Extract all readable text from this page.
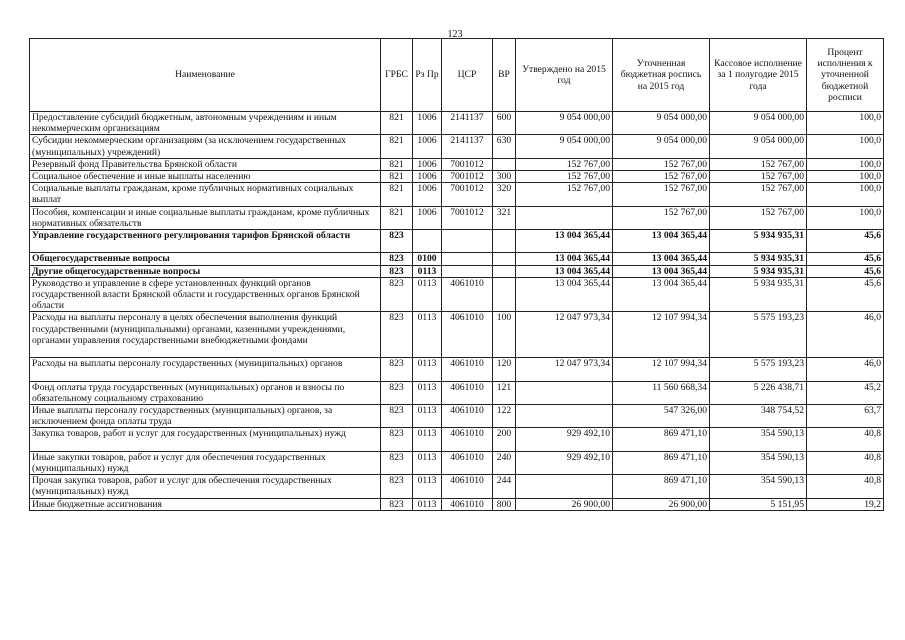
123
Наименование	ГРБС	Рз Пр	ЦСР	ВР	Утверждено на 2015 год	Уточненная бюджетная роспись на 2015 год	Кассовое исполнение за 1 полугодие 2015 года	Процент исполнения к уточненной бюджетной росписи
Предоставление субсидий бюджетным, автономным учреждениям и иным некоммерческим организациям	821	1006	2141137	600	9 054 000,00	9 054 000,00	9 054 000,00	100,0
Субсидии некоммерческим организациям (за исключением государственных (муниципальных) учреждений)	821	1006	2141137	630	9 054 000,00	9 054 000,00	9 054 000,00	100,0
Резервный фонд Правительства Брянской области	821	1006	7001012		152 767,00	152 767,00	152 767,00	100,0
Социальное обеспечение и иные выплаты населению	821	1006	7001012	300	152 767,00	152 767,00	152 767,00	100,0
Социальные выплаты гражданам, кроме публичных нормативных социальных выплат	821	1006	7001012	320	152 767,00	152 767,00	152 767,00	100,0
Пособия, компенсации и иные социальные выплаты гражданам, кроме публичных нормативных обязательств	821	1006	7001012	321		152 767,00	152 767,00	100,0
Управление государственного регулирования тарифов Брянской области	823				13 004 365,44	13 004 365,44	5 934 935,31	45,6
Общегосударственные вопросы	823	0100			13 004 365,44	13 004 365,44	5 934 935,31	45,6
Другие общегосударственные вопросы	823	0113			13 004 365,44	13 004 365,44	5 934 935,31	45,6
Руководство и управление в сфере установленных функций органов государственной власти Брянской области и государственных органов Брянской области	823	0113	4061010		13 004 365,44	13 004 365,44	5 934 935,31	45,6
Расходы на выплаты персоналу в целях обеспечения выполнения функций государственными (муниципальными) органами, казенными учреждениями, органами управления государственными внебюджетными фондами	823	0113	4061010	100	12 047 973,34	12 107 994,34	5 575 193,23	46,0
Расходы на выплаты персоналу государственных (муниципальных) органов	823	0113	4061010	120	12 047 973,34	12 107 994,34	5 575 193,23	46,0
Фонд оплаты труда государственных (муниципальных) органов и взносы по обязательному социальному страхованию	823	0113	4061010	121		11 560 668,34	5 226 438,71	45,2
Иные выплаты персоналу государственных (муниципальных) органов, за исключением фонда оплаты труда	823	0113	4061010	122		547 326,00	348 754,52	63,7
Закупка товаров, работ и услуг для государственных (муниципальных) нужд	823	0113	4061010	200	929 492,10	869 471,10	354 590,13	40,8
Иные закупки товаров, работ и услуг для обеспечения государственных (муниципальных) нужд	823	0113	4061010	240	929 492,10	869 471,10	354 590,13	40,8
Прочая закупка товаров, работ и услуг для обеспечения государственных (муниципальных) нужд	823	0113	4061010	244		869 471,10	354 590,13	40,8
Иные бюджетные ассигнования	823	0113	4061010	800	26 900,00	26 900,00	5 151,95	19,2
